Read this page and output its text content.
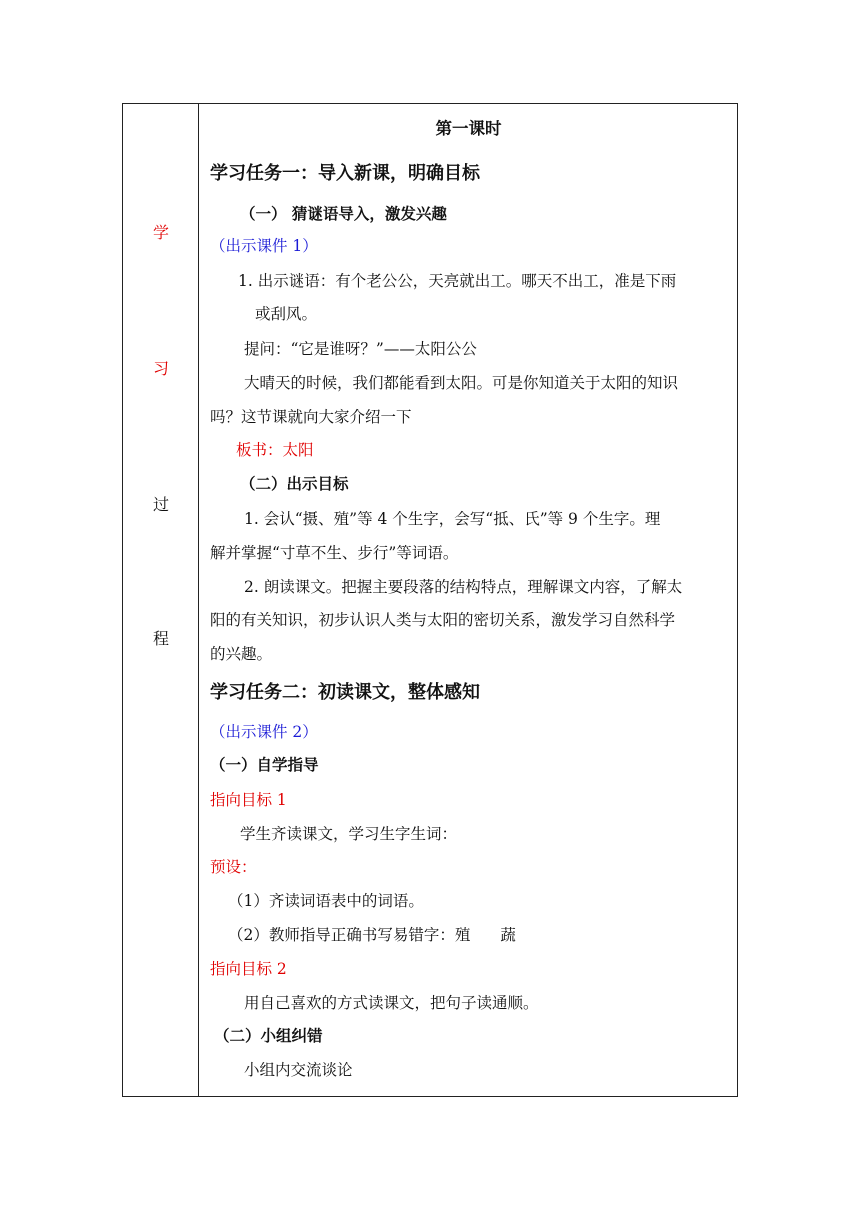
学
习
过
程
第一课时
学习任务一：导入新课，明确目标
（一） 猜谜语导入，激发兴趣
（出示课件 1）
1. 出示谜语：有个老公公，天亮就出工。哪天不出工，准是下雨
或刮风。
提问：“它是谁呀？”——太阳公公
大晴天的时候，我们都能看到太阳。可是你知道关于太阳的知识
吗？这节课就向大家介绍一下
板书：太阳
（二）出示目标
1. 会认“摄、殖”等 4 个生字，会写“抵、氏”等 9 个生字。理
解并掌握“寸草不生、步行”等词语。
2. 朗读课文。把握主要段落的结构特点，理解课文内容，了解太
阳的有关知识，初步认识人类与太阳的密切关系，激发学习自然科学
的兴趣。
学习任务二：初读课文，整体感知
（出示课件 2）
（一）自学指导
指向目标 1
学生齐读课文，学习生字生词：
预设：
（1）齐读词语表中的词语。
（2）教师指导正确书写易错字：殖 蔬
指向目标 2
用自己喜欢的方式读课文，把句子读通顺。
（二）小组纠错
小组内交流谈论
